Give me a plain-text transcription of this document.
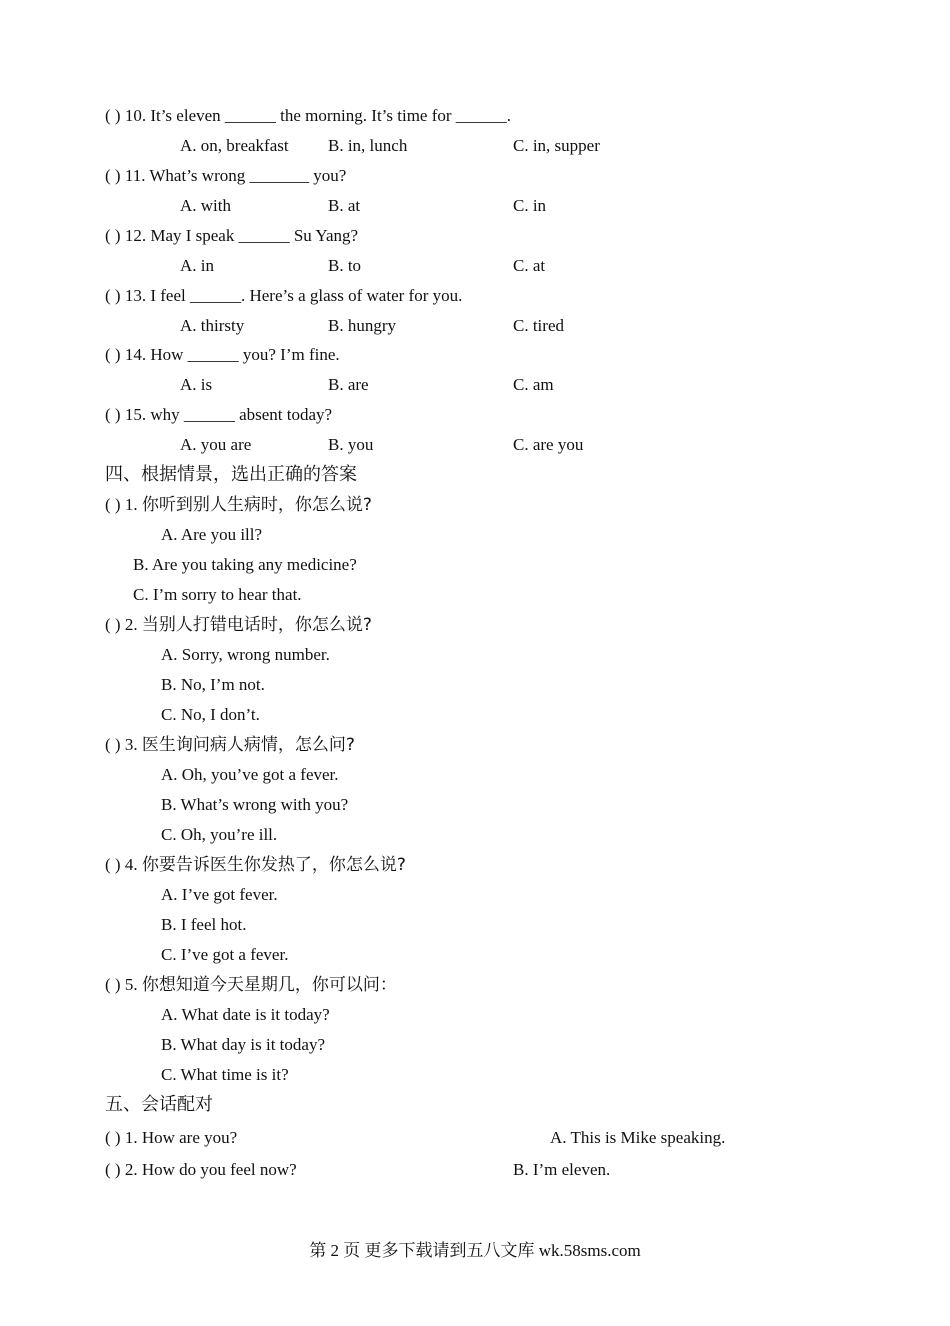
( ) 10. It’s eleven ______ the morning. It’s time for ______.
A. on, breakfast B. in, lunch	C. in, supper
( ) 11. What’s wrong _______ you?
A. with	B. at	C. in
( ) 12. May I speak ______ Su Yang?
A. in	B. to	C. at
( ) 13. I feel ______. Here’s a glass of water for you.
A. thirsty	B. hungry	C. tired
( ) 14. How ______ you? I’m fine.
A. is	B. are	C. am
( ) 15. why ______ absent today?
A. you are	B. you	C. are you
四、根据情景，选出正确的答案
( ) 1. 你听到别人生病时，你怎么说?
A. Are you ill?
B. Are you taking any medicine?
C. I’m sorry to hear that.
( ) 2. 当别人打错电话时，你怎么说?
A. Sorry, wrong number.
B. No, I’m not.
C. No, I don’t.
( ) 3. 医生询问病人病情，怎么问?
A. Oh, you’ve got a fever.
B. What’s wrong with you?
C. Oh, you’re ill.
( ) 4. 你要告诉医生你发热了，你怎么说?
A. I’ve got fever.
B. I feel hot.
C. I’ve got a fever.
( ) 5. 你想知道今天星期几，你可以问：
A. What date is it today?
B. What day is it today?
C. What time is it?
五、会话配对
( ) 1. How are you?	A. This is Mike speaking.
( ) 2. How do you feel now?	B. I’m eleven.
第 2 页 更多下载请到五八文库 wk.58sms.com
